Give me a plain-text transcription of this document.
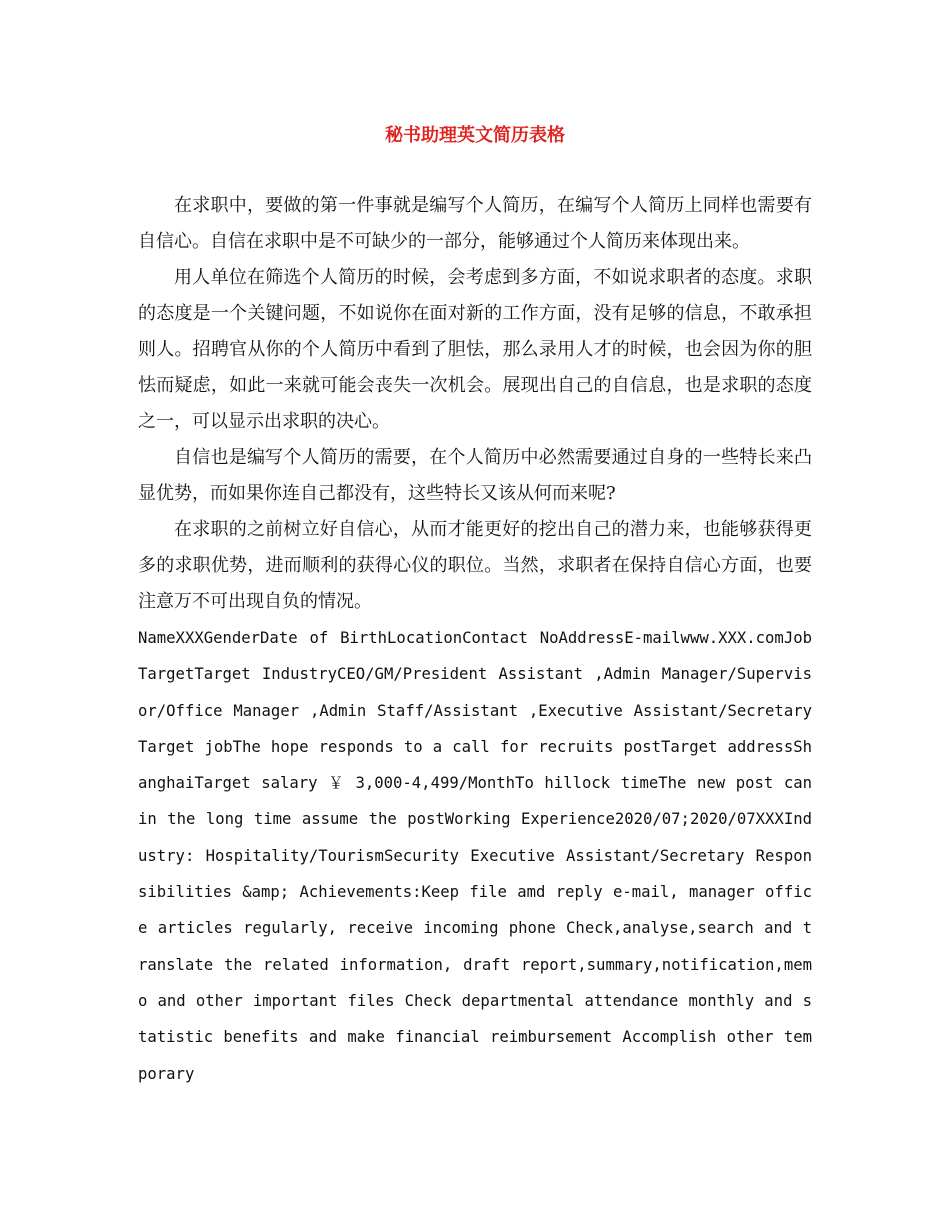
秘书助理英文简历表格

在求职中，要做的第一件事就是编写个人简历，在编写个人简历上同样也需要有自信心。自信在求职中是不可缺少的一部分，能够通过个人简历来体现出来。

用人单位在筛选个人简历的时候，会考虑到多方面，不如说求职者的态度。求职的态度是一个关键问题，不如说你在面对新的工作方面，没有足够的信息，不敢承担则人。招聘官从你的个人简历中看到了胆怯，那么录用人才的时候，也会因为你的胆怯而疑虑，如此一来就可能会丧失一次机会。展现出自己的自信息，也是求职的态度之一，可以显示出求职的决心。

自信也是编写个人简历的需要，在个人简历中必然需要通过自身的一些特长来凸显优势，而如果你连自己都没有，这些特长又该从何而来呢?

在求职的之前树立好自信心，从而才能更好的挖出自己的潜力来，也能够获得更多的求职优势，进而顺利的获得心仪的职位。当然，求职者在保持自信心方面，也要注意万不可出现自负的情况。

NameXXXGenderDate of BirthLocationContact NoAddressE-mailwww.XXX.comJob TargetTarget IndustryCEO/GM/President Assistant ,Admin Manager/Supervisor/Office Manager ,Admin Staff/Assistant ,Executive Assistant/SecretaryTarget jobThe hope responds to a call for recruits postTarget addressShanghaiTarget salary ￥ 3,000-4,499/MonthTo hillock timeThe new post can in the long time assume the postWorking Experience2020/07;2020/07XXXIndustry: Hospitality/TourismSecurity Executive Assistant/Secretary Responsibilities &amp; Achievements:Keep file amd reply e-mail, manager office articles regularly, receive incoming phone Check,analyse,search and translate the related information, draft report,summary,notification,memo and other important files Check departmental attendance monthly and statistic benefits and make financial reimbursement Accomplish other temporary
